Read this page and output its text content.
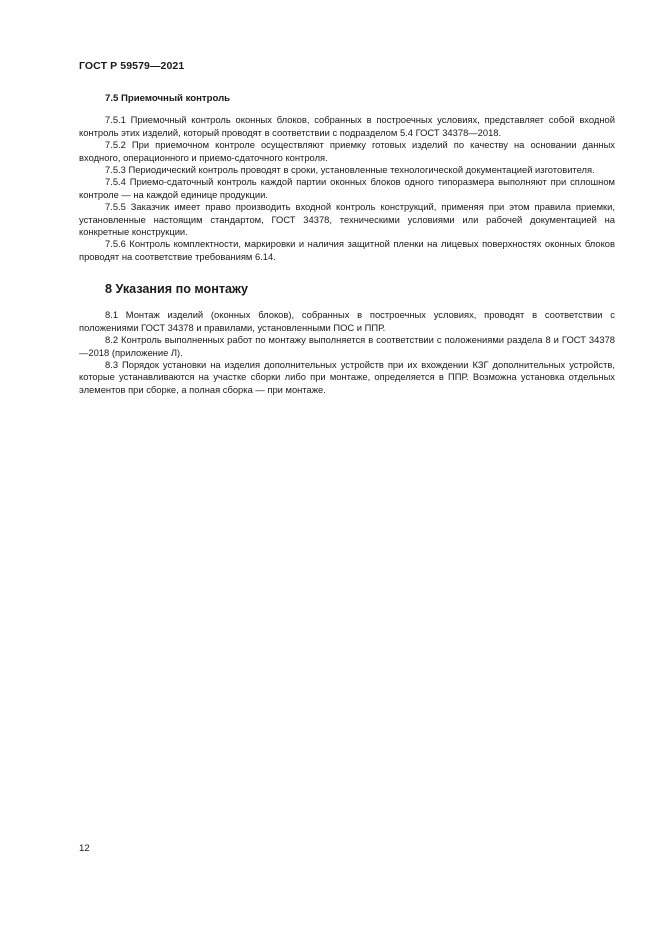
ГОСТ Р 59579—2021
7.5 Приемочный контроль

7.5.1 Приемочный контроль оконных блоков, собранных в построечных условиях, представляет собой входной контроль этих изделий, который проводят в соответствии с подразделом 5.4 ГОСТ 34378—2018.

7.5.2 При приемочном контроле осуществляют приемку готовых изделий по качеству на основании данных входного, операционного и приемо-сдаточного контроля.

7.5.3 Периодический контроль проводят в сроки, установленные технологической документацией изготовителя.

7.5.4 Приемо-сдаточный контроль каждой партии оконных блоков одного типоразмера выполняют при сплошном контроле — на каждой единице продукции.

7.5.5 Заказчик имеет право производить входной контроль конструкций, применяя при этом правила приемки, установленные настоящим стандартом, ГОСТ 34378, техническими условиями или рабочей документацией на конкретные конструкции.

7.5.6 Контроль комплектности, маркировки и наличия защитной пленки на лицевых поверхностях оконных блоков проводят на соответствие требованиям 6.14.

8 Указания по монтажу

8.1 Монтаж изделий (оконных блоков), собранных в построечных условиях, проводят в соответствии с положениями ГОСТ 34378 и правилами, установленными ПОС и ППР.

8.2 Контроль выполненных работ по монтажу выполняется в соответствии с положениями раздела 8 и ГОСТ 34378—2018 (приложение Л).

8.3 Порядок установки на изделия дополнительных устройств при их вхождении КЗГ дополнительных устройств, которые устанавливаются на участке сборки либо при монтаже, определяется в ППР. Возможна установка отдельных элементов при сборке, а полная сборка — при монтаже.

12
